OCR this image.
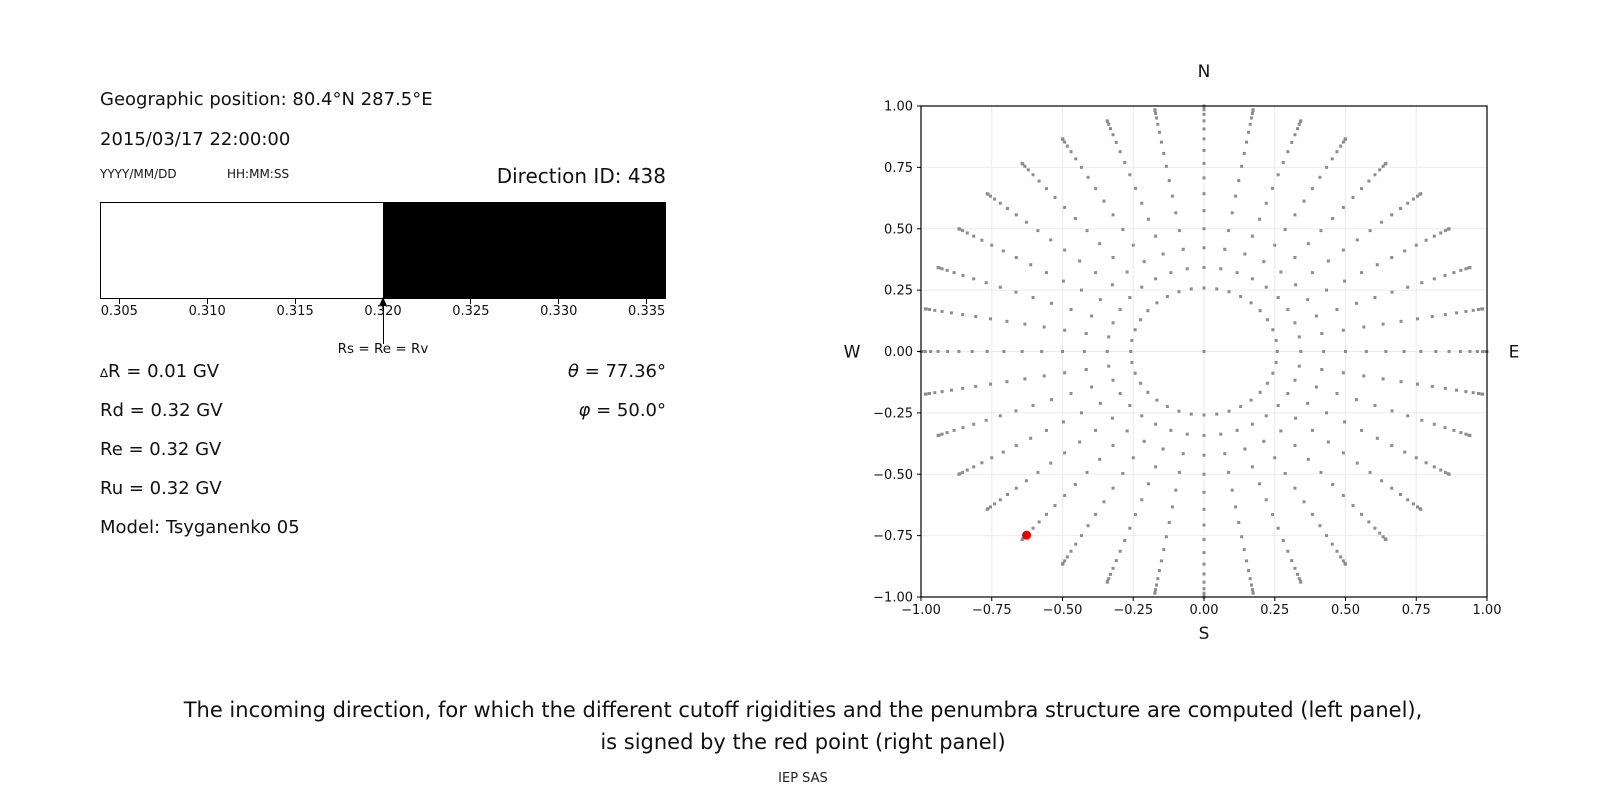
Geographic position: 80.4°N 287.5°E
2015/03/17 22:00:00
YYYY/MM/DD	HH:MM:SS	Direction ID: 438
Rs = Re = Rv
∆R = 0.01 GV
Rd = 0.32 GV
Re = 0.32 GV
Ru = 0.32 GV
Model: Tsyganenko 05
θ = 77.36°
φ = 50.0°
−1.00
−1.00
−0.75
−0.75
−0.50
−0.50
−0.25
−0.25
0.00
0.00
0.25
0.25
0.50
0.50
0.75
0.75
1.00
1.00
N
S
W	E
The incoming direction, for which the different cutoff rigidities and the penumbra structure are computed (left panel),
is signed by the red point (right panel)
IEP SAS
0.305	0.310	0.315	0.320	0.325	0.330	0.335
